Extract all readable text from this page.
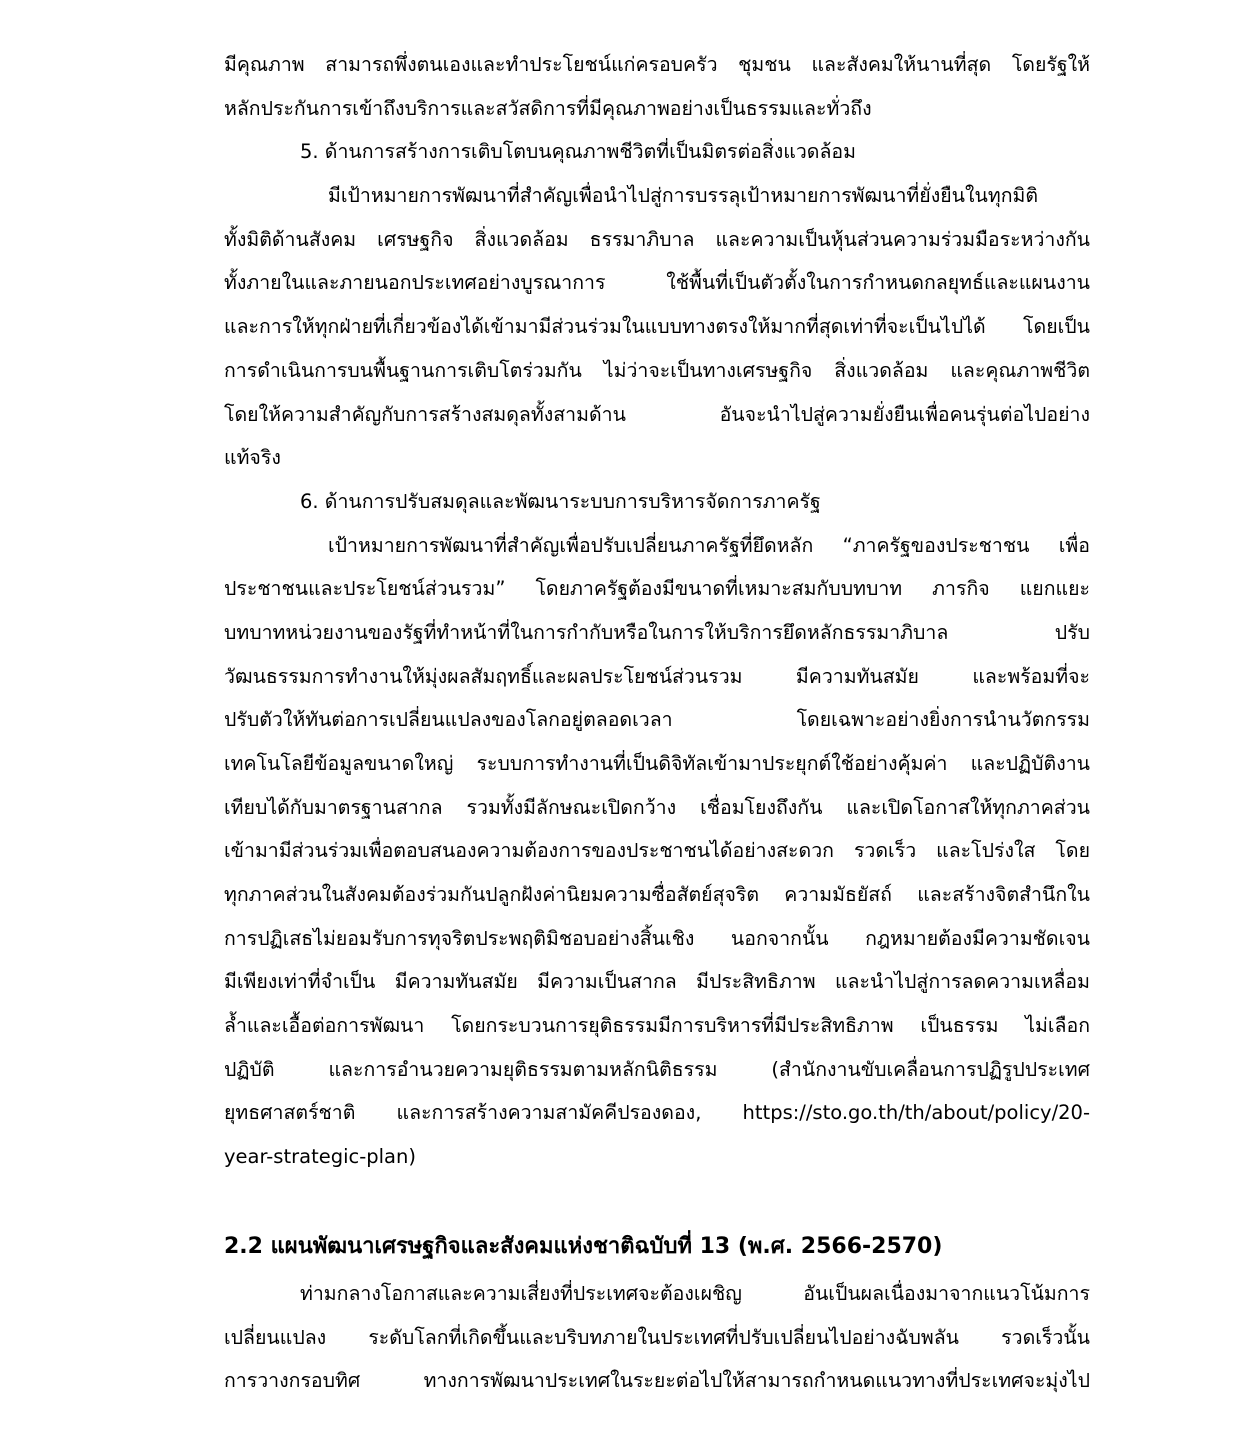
มีคุณภาพ สามารถพึ่งตนเองและทำประโยชน์แก่ครอบครัว ชุมชน และสังคมให้นานที่สุด โดยรัฐให้
หลักประกันการเข้าถึงบริการและสวัสดิการที่มีคุณภาพอย่างเป็นธรรมและทั่วถึง
5. ด้านการสร้างการเติบโตบนคุณภาพชีวิตที่เป็นมิตรต่อสิ่งแวดล้อม
มีเป้าหมายการพัฒนาที่สำคัญเพื่อนำไปสู่การบรรลุเป้าหมายการพัฒนาที่ยั่งยืนในทุกมิติ
ทั้งมิติด้านสังคม เศรษฐกิจ สิ่งแวดล้อม ธรรมาภิบาล และความเป็นหุ้นส่วนความร่วมมือระหว่างกัน
ทั้งภายในและภายนอกประเทศอย่างบูรณาการ ใช้พื้นที่เป็นตัวตั้งในการกำหนดกลยุทธ์และแผนงาน
และการให้ทุกฝ่ายที่เกี่ยวข้องได้เข้ามามีส่วนร่วมในแบบทางตรงให้มากที่สุดเท่าที่จะเป็นไปได้ โดยเป็น
การดำเนินการบนพื้นฐานการเติบโตร่วมกัน ไม่ว่าจะเป็นทางเศรษฐกิจ สิ่งแวดล้อม และคุณภาพชีวิต
โดยให้ความสำคัญกับการสร้างสมดุลทั้งสามด้าน อันจะนำไปสู่ความยั่งยืนเพื่อคนรุ่นต่อไปอย่าง
แท้จริง
6. ด้านการปรับสมดุลและพัฒนาระบบการบริหารจัดการภาครัฐ
เป้าหมายการพัฒนาที่สำคัญเพื่อปรับเปลี่ยนภาครัฐที่ยึดหลัก “ภาครัฐของประชาชน เพื่อ
ประชาชนและประโยชน์ส่วนรวม” โดยภาครัฐต้องมีขนาดที่เหมาะสมกับบทบาท ภารกิจ แยกแยะ
บทบาทหน่วยงานของรัฐที่ทำหน้าที่ในการกำกับหรือในการให้บริการยึดหลักธรรมาภิบาล ปรับ
วัฒนธรรมการทำงานให้มุ่งผลสัมฤทธิ์และผลประโยชน์ส่วนรวม มีความทันสมัย และพร้อมที่จะ
ปรับตัวให้ทันต่อการเปลี่ยนแปลงของโลกอยู่ตลอดเวลา โดยเฉพาะอย่างยิ่งการนำนวัตกรรม
เทคโนโลยีข้อมูลขนาดใหญ่ ระบบการทำงานที่เป็นดิจิทัลเข้ามาประยุกต์ใช้อย่างคุ้มค่า และปฏิบัติงาน
เทียบได้กับมาตรฐานสากล รวมทั้งมีลักษณะเปิดกว้าง เชื่อมโยงถึงกัน และเปิดโอกาสให้ทุกภาคส่วน
เข้ามามีส่วนร่วมเพื่อตอบสนองความต้องการของประชาชนได้อย่างสะดวก รวดเร็ว และโปร่งใส โดย
ทุกภาคส่วนในสังคมต้องร่วมกันปลูกฝังค่านิยมความซื่อสัตย์สุจริต ความมัธยัสถ์ และสร้างจิตสำนึกใน
การปฏิเสธไม่ยอมรับการทุจริตประพฤติมิชอบอย่างสิ้นเชิง นอกจากนั้น กฎหมายต้องมีความชัดเจน
มีเพียงเท่าที่จำเป็น มีความทันสมัย มีความเป็นสากล มีประสิทธิภาพ และนำไปสู่การลดความเหลื่อม
ล้ำและเอื้อต่อการพัฒนา โดยกระบวนการยุติธรรมมีการบริหารที่มีประสิทธิภาพ เป็นธรรม ไม่เลือก
ปฏิบัติ และการอำนวยความยุติธรรมตามหลักนิติธรรม (สำนักงานขับเคลื่อนการปฏิรูปประเทศ
ยุทธศาสตร์ชาติ และการสร้างความสามัคคีปรองดอง, https://sto.go.th/th/about/policy/20-
year-strategic-plan)
2.2 แผนพัฒนาเศรษฐกิจและสังคมแห่งชาติฉบับที่ 13 (พ.ศ. 2566-2570)
ท่ามกลางโอกาสและความเสี่ยงที่ประเทศจะต้องเผชิญ อันเป็นผลเนื่องมาจากแนวโน้มการ
เปลี่ยนแปลง ระดับโลกที่เกิดขึ้นและบริบทภายในประเทศที่ปรับเปลี่ยนไปอย่างฉับพลัน รวดเร็วนั้น
การวางกรอบทิศ ทางการพัฒนาประเทศในระยะต่อไปให้สามารถกำหนดแนวทางที่ประเทศจะมุ่งไป
